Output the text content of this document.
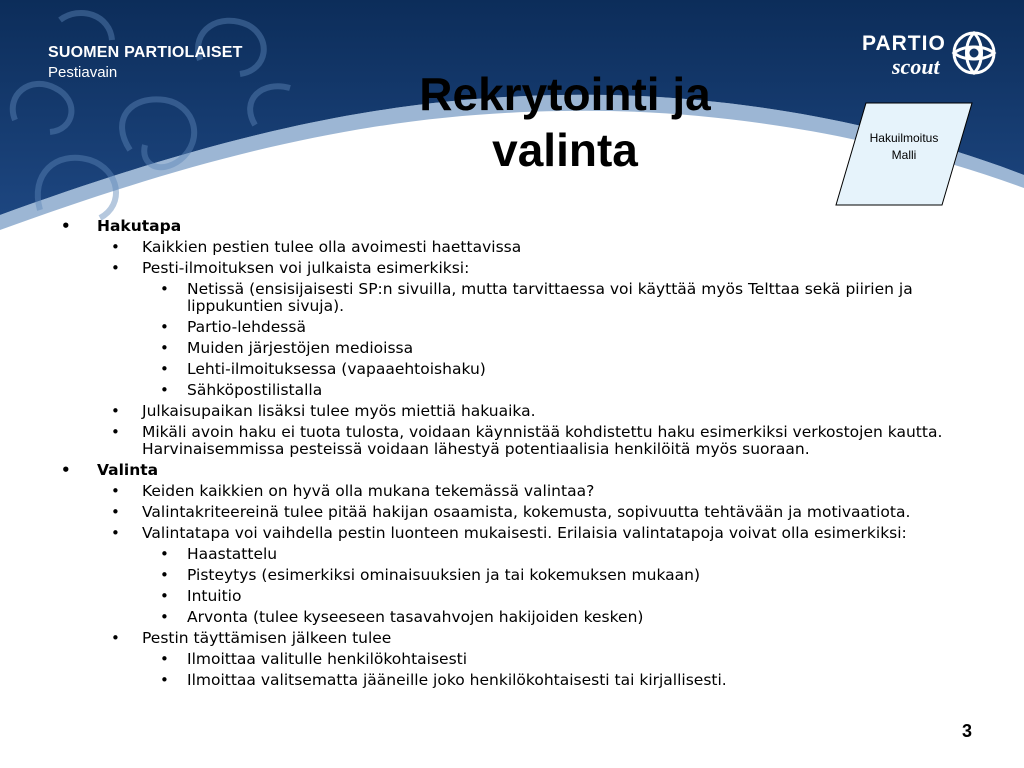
SUOMEN PARTIOLAISET
Pestiavain
PARTIO
scout
Rekrytointi ja
valinta	Hakuilmoitus
Malli
• Hakutapa
• Kaikkien pestien tulee olla avoimesti haettavissa
• Pesti-ilmoituksen voi julkaista esimerkiksi:
• Netissä (ensisijaisesti SP:n sivuilla, mutta tarvittaessa voi käyttää myös Telttaa sekä piirien ja lippukuntien sivuja).
• Partio-lehdessä
• Muiden järjestöjen medioissa
• Lehti-ilmoituksessa (vapaaehtoishaku)
• Sähköpostilistalla
• Julkaisupaikan lisäksi tulee myös miettiä hakuaika.
• Mikäli avoin haku ei tuota tulosta, voidaan käynnistää kohdistettu haku esimerkiksi verkostojen kautta. Harvinaisemmissa pesteissä voidaan lähestyä potentiaalisia henkilöitä myös suoraan.
• Valinta
• Keiden kaikkien on hyvä olla mukana tekemässä valintaa?
• Valintakriteereinä tulee pitää hakijan osaamista, kokemusta, sopivuutta tehtävään ja motivaatiota.
• Valintatapa voi vaihdella pestin luonteen mukaisesti. Erilaisia valintatapoja voivat olla esimerkiksi:
• Haastattelu
• Pisteytys (esimerkiksi ominaisuuksien ja tai kokemuksen mukaan)
• Intuitio
• Arvonta (tulee kyseeseen tasavahvojen hakijoiden kesken)
• Pestin täyttämisen jälkeen tulee
• Ilmoittaa valitulle henkilökohtaisesti
• Ilmoittaa valitsematta jääneille joko henkilökohtaisesti tai kirjallisesti.
3
